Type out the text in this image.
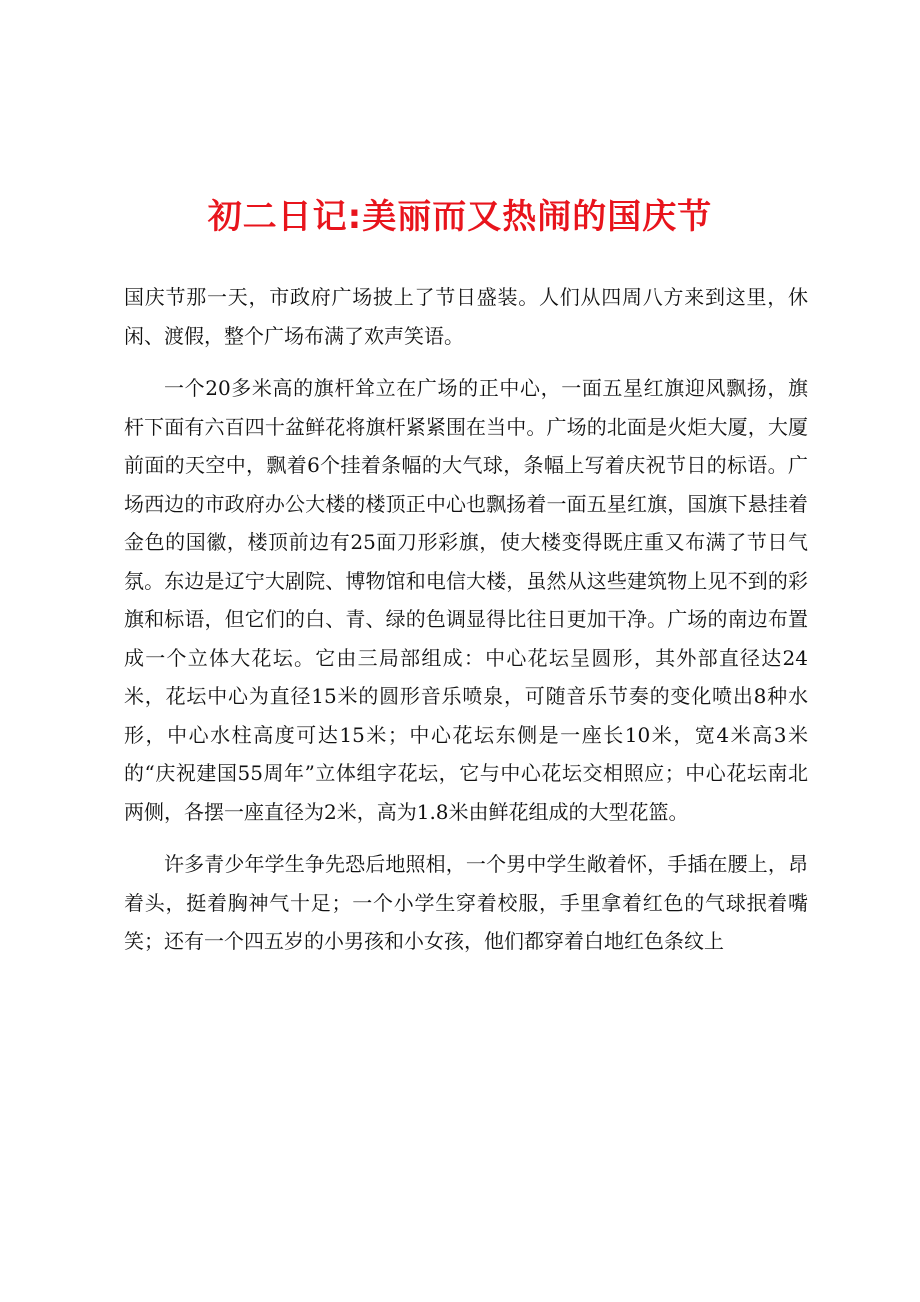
初二日记:美丽而又热闹的国庆节

国庆节那一天，市政府广场披上了节日盛装。人们从四周八方来到这里，休闲、渡假，整个广场布满了欢声笑语。

一个20多米高的旗杆耸立在广场的正中心，一面五星红旗迎风飘扬，旗杆下面有六百四十盆鲜花将旗杆紧紧围在当中。广场的北面是火炬大厦，大厦前面的天空中，飘着6个挂着条幅的大气球，条幅上写着庆祝节日的标语。广场西边的市政府办公大楼的楼顶正中心也飘扬着一面五星红旗，国旗下悬挂着金色的国徽，楼顶前边有25面刀形彩旗，使大楼变得既庄重又布满了节日气氛。东边是辽宁大剧院、博物馆和电信大楼，虽然从这些建筑物上见不到的彩旗和标语，但它们的白、青、绿的色调显得比往日更加干净。广场的南边布置成一个立体大花坛。它由三局部组成：中心花坛呈圆形，其外部直径达24米，花坛中心为直径15米的圆形音乐喷泉，可随音乐节奏的变化喷出8种水形，中心水柱高度可达15米；中心花坛东侧是一座长10米，宽4米高3米的“庆祝建国55周年”立体组字花坛，它与中心花坛交相照应；中心花坛南北两侧，各摆一座直径为2米，高为1.8米由鲜花组成的大型花篮。

许多青少年学生争先恐后地照相，一个男中学生敞着怀，手插在腰上，昂着头，挺着胸神气十足；一个小学生穿着校服，手里拿着红色的气球抿着嘴笑；还有一个四五岁的小男孩和小女孩，他们都穿着白地红色条纹上
